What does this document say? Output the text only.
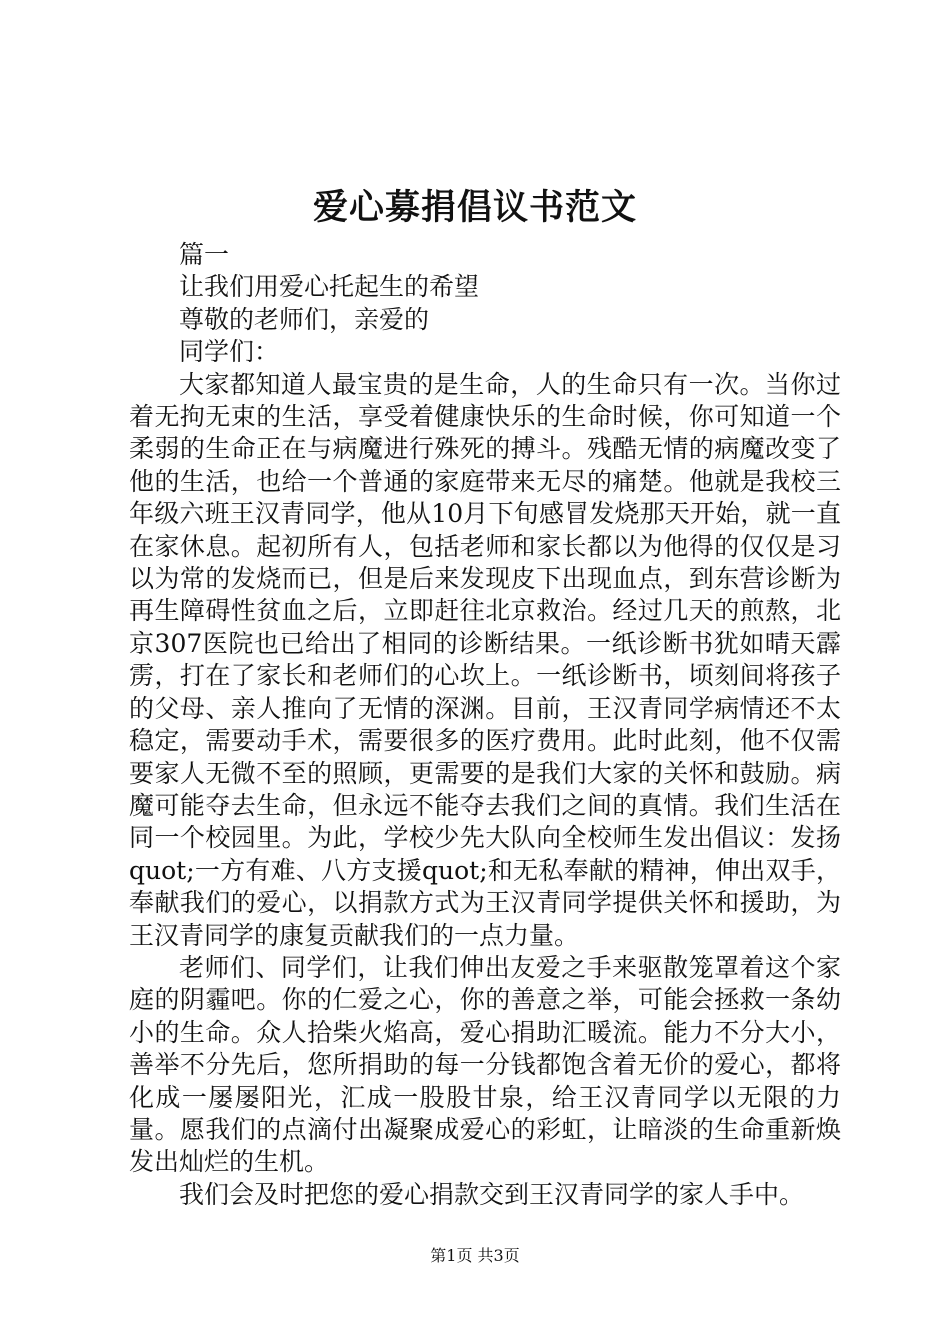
爱心募捐倡议书范文

篇一

让我们用爱心托起生的希望

尊敬的老师们，亲爱的

同学们：

大家都知道人最宝贵的是生命，人的生命只有一次。当你过着无拘无束的生活，享受着健康快乐的生命时候，你可知道一个柔弱的生命正在与病魔进行殊死的搏斗。残酷无情的病魔改变了他的生活，也给一个普通的家庭带来无尽的痛楚。他就是我校三年级六班王汉青同学，他从10月下旬感冒发烧那天开始，就一直在家休息。起初所有人，包括老师和家长都以为他得的仅仅是习以为常的发烧而已，但是后来发现皮下出现血点，到东营诊断为再生障碍性贫血之后，立即赶往北京救治。经过几天的煎熬，北京307医院也已给出了相同的诊断结果。一纸诊断书犹如晴天霹雳，打在了家长和老师们的心坎上。一纸诊断书，顷刻间将孩子的父母、亲人推向了无情的深渊。目前，王汉青同学病情还不太稳定，需要动手术，需要很多的医疗费用。此时此刻，他不仅需要家人无微不至的照顾，更需要的是我们大家的关怀和鼓励。病魔可能夺去生命，但永远不能夺去我们之间的真情。我们生活在同一个校园里。为此，学校少先大队向全校师生发出倡议：发扬quot;一方有难、八方支援quot;和无私奉献的精神，伸出双手，奉献我们的爱心，以捐款方式为王汉青同学提供关怀和援助，为王汉青同学的康复贡献我们的一点力量。

老师们、同学们，让我们伸出友爱之手来驱散笼罩着这个家庭的阴霾吧。你的仁爱之心，你的善意之举，可能会拯救一条幼小的生命。众人拾柴火焰高，爱心捐助汇暖流。能力不分大小，善举不分先后，您所捐助的每一分钱都饱含着无价的爱心，都将化成一屡屡阳光，汇成一股股甘泉，给王汉青同学以无限的力量。愿我们的点滴付出凝聚成爱心的彩虹，让暗淡的生命重新焕发出灿烂的生机。

我们会及时把您的爱心捐款交到王汉青同学的家人手中。

第1页 共3页
